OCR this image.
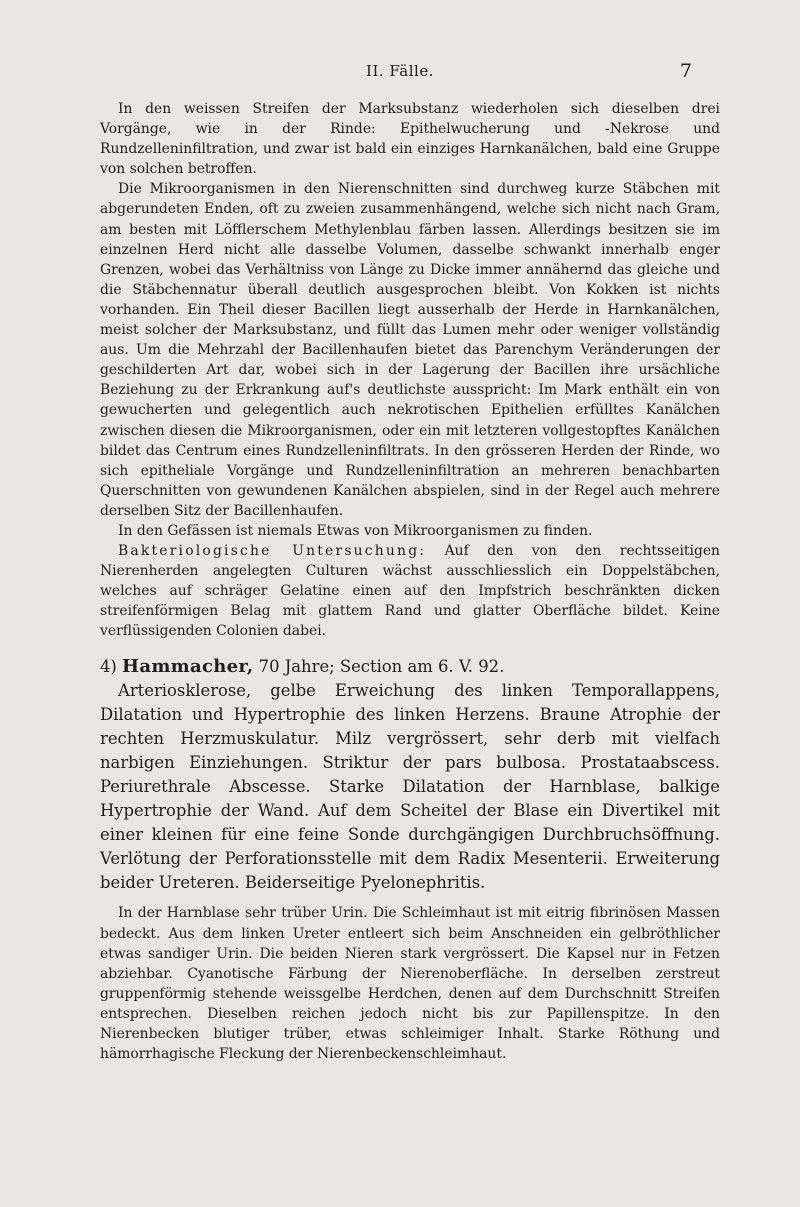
II. Fälle.	7

In den weissen Streifen der Marksubstanz wiederholen sich dieselben drei Vorgänge, wie in der Rinde: Epithelwucherung und -Nekrose und Rundzelleninfiltration, und zwar ist bald ein einziges Harnkanälchen, bald eine Gruppe von solchen betroffen.

Die Mikroorganismen in den Nierenschnitten sind durchweg kurze Stäbchen mit abgerundeten Enden, oft zu zweien zusammenhängend, welche sich nicht nach Gram, am besten mit Löfflerschem Methylenblau färben lassen. Allerdings besitzen sie im einzelnen Herd nicht alle dasselbe Volumen, dasselbe schwankt innerhalb enger Grenzen, wobei das Verhältniss von Länge zu Dicke immer annähernd das gleiche und die Stäbchennatur überall deutlich ausgesprochen bleibt. Von Kokken ist nichts vorhanden. Ein Theil dieser Bacillen liegt ausserhalb der Herde in Harnkanälchen, meist solcher der Marksubstanz, und füllt das Lumen mehr oder weniger vollständig aus. Um die Mehrzahl der Bacillenhaufen bietet das Parenchym Veränderungen der geschilderten Art dar, wobei sich in der Lagerung der Bacillen ihre ursächliche Beziehung zu der Erkrankung auf's deutlichste ausspricht: Im Mark enthält ein von gewucherten und gelegentlich auch nekrotischen Epithelien erfülltes Kanälchen zwischen diesen die Mikroorganismen, oder ein mit letzteren vollgestopftes Kanälchen bildet das Centrum eines Rundzelleninfiltrats. In den grösseren Herden der Rinde, wo sich epitheliale Vorgänge und Rundzelleninfiltration an mehreren benachbarten Querschnitten von gewundenen Kanälchen abspielen, sind in der Regel auch mehrere derselben Sitz der Bacillenhaufen.

In den Gefässen ist niemals Etwas von Mikroorganismen zu finden.

Bakteriologische Untersuchung: Auf den von den rechtsseitigen Nierenherden angelegten Culturen wächst ausschliesslich ein Doppelstäbchen, welches auf schräger Gelatine einen auf den Impfstrich beschränkten dicken streifenförmigen Belag mit glattem Rand und glatter Oberfläche bildet. Keine verflüssigenden Colonien dabei.

4) Hammacher, 70 Jahre; Section am 6. V. 92.

Arteriosklerose, gelbe Erweichung des linken Temporallappens, Dilatation und Hypertrophie des linken Herzens. Braune Atrophie der rechten Herzmuskulatur. Milz vergrössert, sehr derb mit vielfach narbigen Einziehungen. Striktur der pars bulbosa. Prostataabscess. Periurethrale Abscesse. Starke Dilatation der Harnblase, balkige Hypertrophie der Wand. Auf dem Scheitel der Blase ein Divertikel mit einer kleinen für eine feine Sonde durchgängigen Durchbruchsöffnung. Verlötung der Perforationsstelle mit dem Radix Mesenterii. Erweiterung beider Ureteren. Beiderseitige Pyelonephritis.

In der Harnblase sehr trüber Urin. Die Schleimhaut ist mit eitrig fibrinösen Massen bedeckt. Aus dem linken Ureter entleert sich beim Anschneiden ein gelbröthlicher etwas sandiger Urin. Die beiden Nieren stark vergrössert. Die Kapsel nur in Fetzen abziehbar. Cyanotische Färbung der Nierenoberfläche. In derselben zerstreut gruppenförmig stehende weissgelbe Herdchen, denen auf dem Durchschnitt Streifen entsprechen. Dieselben reichen jedoch nicht bis zur Papillenspitze. In den Nierenbecken blutiger trüber, etwas schleimiger Inhalt. Starke Röthung und hämorrhagische Fleckung der Nierenbeckenschleimhaut.
